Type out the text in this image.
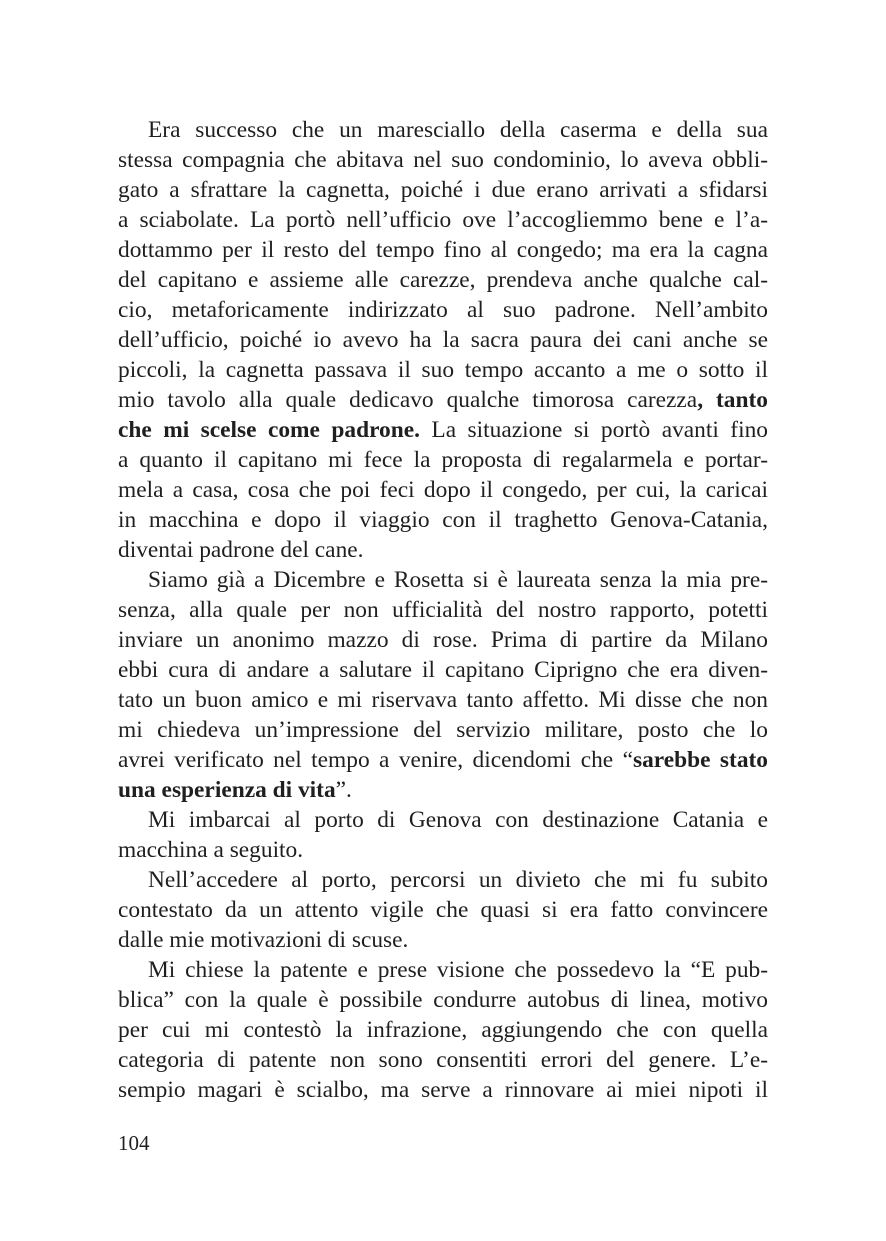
Era successo che un maresciallo della caserma e della sua
stessa compagnia che abitava nel suo condominio, lo aveva obbli-
gato a sfrattare la cagnetta, poiché i due erano arrivati a sfidarsi
a sciabolate. La portò nell’ufficio ove l’accogliemmo bene e l’a-
dottammo per il resto del tempo fino al congedo; ma era la cagna
del capitano e assieme alle carezze, prendeva anche qualche cal-
cio, metaforicamente indirizzato al suo padrone. Nell’ambito
dell’ufficio, poiché io avevo ha la sacra paura dei cani anche se
piccoli, la cagnetta passava il suo tempo accanto a me o sotto il
mio tavolo alla quale dedicavo qualche timorosa carezza, tanto
che mi scelse come padrone. La situazione si portò avanti fino
a quanto il capitano mi fece la proposta di regalarmela e portar-
mela a casa, cosa che poi feci dopo il congedo, per cui, la caricai
in macchina e dopo il viaggio con il traghetto Genova-Catania,
diventai padrone del cane.
Siamo già a Dicembre e Rosetta si è laureata senza la mia pre-
senza, alla quale per non ufficialità del nostro rapporto, potetti
inviare un anonimo mazzo di rose. Prima di partire da Milano
ebbi cura di andare a salutare il capitano Ciprigno che era diven-
tato un buon amico e mi riservava tanto affetto. Mi disse che non
mi chiedeva un’impressione del servizio militare, posto che lo
avrei verificato nel tempo a venire, dicendomi che “sarebbe stato
una esperienza di vita”.
Mi imbarcai al porto di Genova con destinazione Catania e
macchina a seguito.
Nell’accedere al porto, percorsi un divieto che mi fu subito
contestato da un attento vigile che quasi si era fatto convincere
dalle mie motivazioni di scuse.
Mi chiese la patente e prese visione che possedevo la “E pub-
blica” con la quale è possibile condurre autobus di linea, motivo
per cui mi contestò la infrazione, aggiungendo che con quella
categoria di patente non sono consentiti errori del genere. L’e-
sempio magari è scialbo, ma serve a rinnovare ai miei nipoti il
104
